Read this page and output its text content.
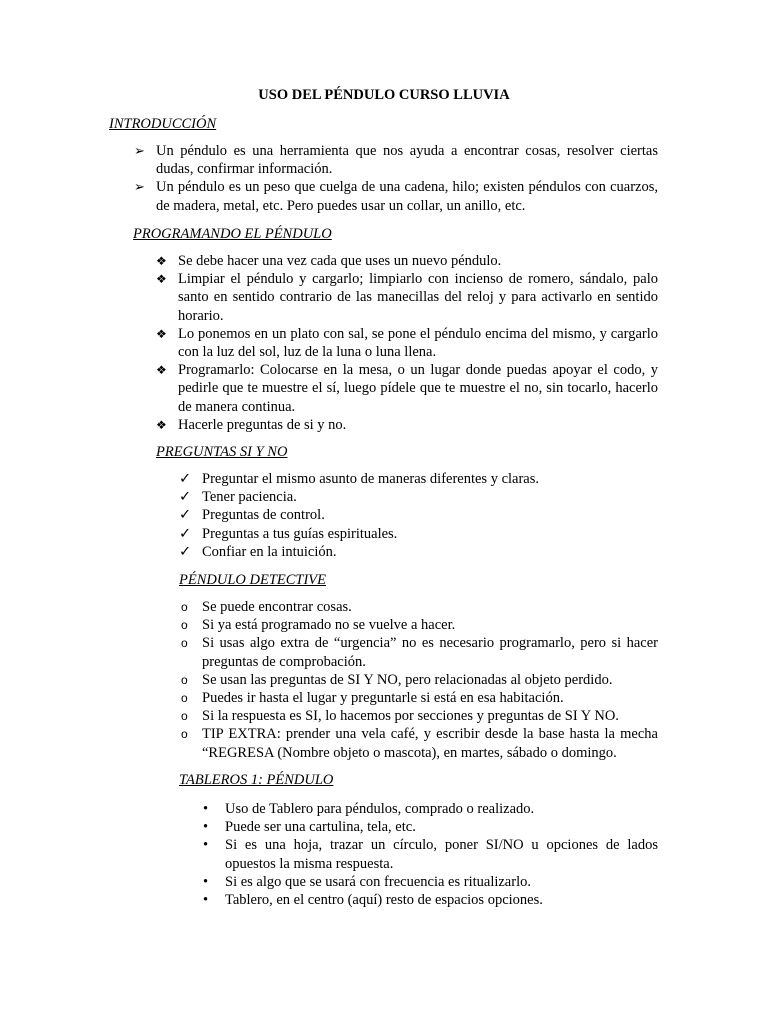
USO DEL PÉNDULO CURSO LLUVIA
INTRODUCCIÓN
➢ Un péndulo es una herramienta que nos ayuda a encontrar cosas, resolver ciertas dudas, confirmar información.
➢ Un péndulo es un peso que cuelga de una cadena, hilo; existen péndulos con cuarzos, de madera, metal, etc. Pero puedes usar un collar, un anillo, etc.
PROGRAMANDO EL PÉNDULO
❖ Se debe hacer una vez cada que uses un nuevo péndulo.
❖ Limpiar el péndulo y cargarlo; limpiarlo con incienso de romero, sándalo, palo santo en sentido contrario de las manecillas del reloj y para activarlo en sentido horario.
❖ Lo ponemos en un plato con sal, se pone el péndulo encima del mismo, y cargarlo con la luz del sol, luz de la luna o luna llena.
❖ Programarlo: Colocarse en la mesa, o un lugar donde puedas apoyar el codo, y pedirle que te muestre el sí, luego pídele que te muestre el no, sin tocarlo, hacerlo de manera continua.
❖ Hacerle preguntas de si y no.
PREGUNTAS SI Y NO
✓ Preguntar el mismo asunto de maneras diferentes y claras.
✓ Tener paciencia.
✓ Preguntas de control.
✓ Preguntas a tus guías espirituales.
✓ Confiar en la intuición.
PÉNDULO DETECTIVE
o Se puede encontrar cosas.
o Si ya está programado no se vuelve a hacer.
o Si usas algo extra de “urgencia” no es necesario programarlo, pero si hacer preguntas de comprobación.
o Se usan las preguntas de SI Y NO, pero relacionadas al objeto perdido.
o Puedes ir hasta el lugar y preguntarle si está en esa habitación.
o Si la respuesta es SI, lo hacemos por secciones y preguntas de SI Y NO.
o TIP EXTRA: prender una vela café, y escribir desde la base hasta la mecha “REGRESA (Nombre objeto o mascota), en martes, sábado o domingo.
TABLEROS 1: PÉNDULO
• Uso de Tablero para péndulos, comprado o realizado.
• Puede ser una cartulina, tela, etc.
• Si es una hoja, trazar un círculo, poner SI/NO u opciones de lados opuestos la misma respuesta.
• Si es algo que se usará con frecuencia es ritualizarlo.
• Tablero, en el centro (aquí) resto de espacios opciones.
